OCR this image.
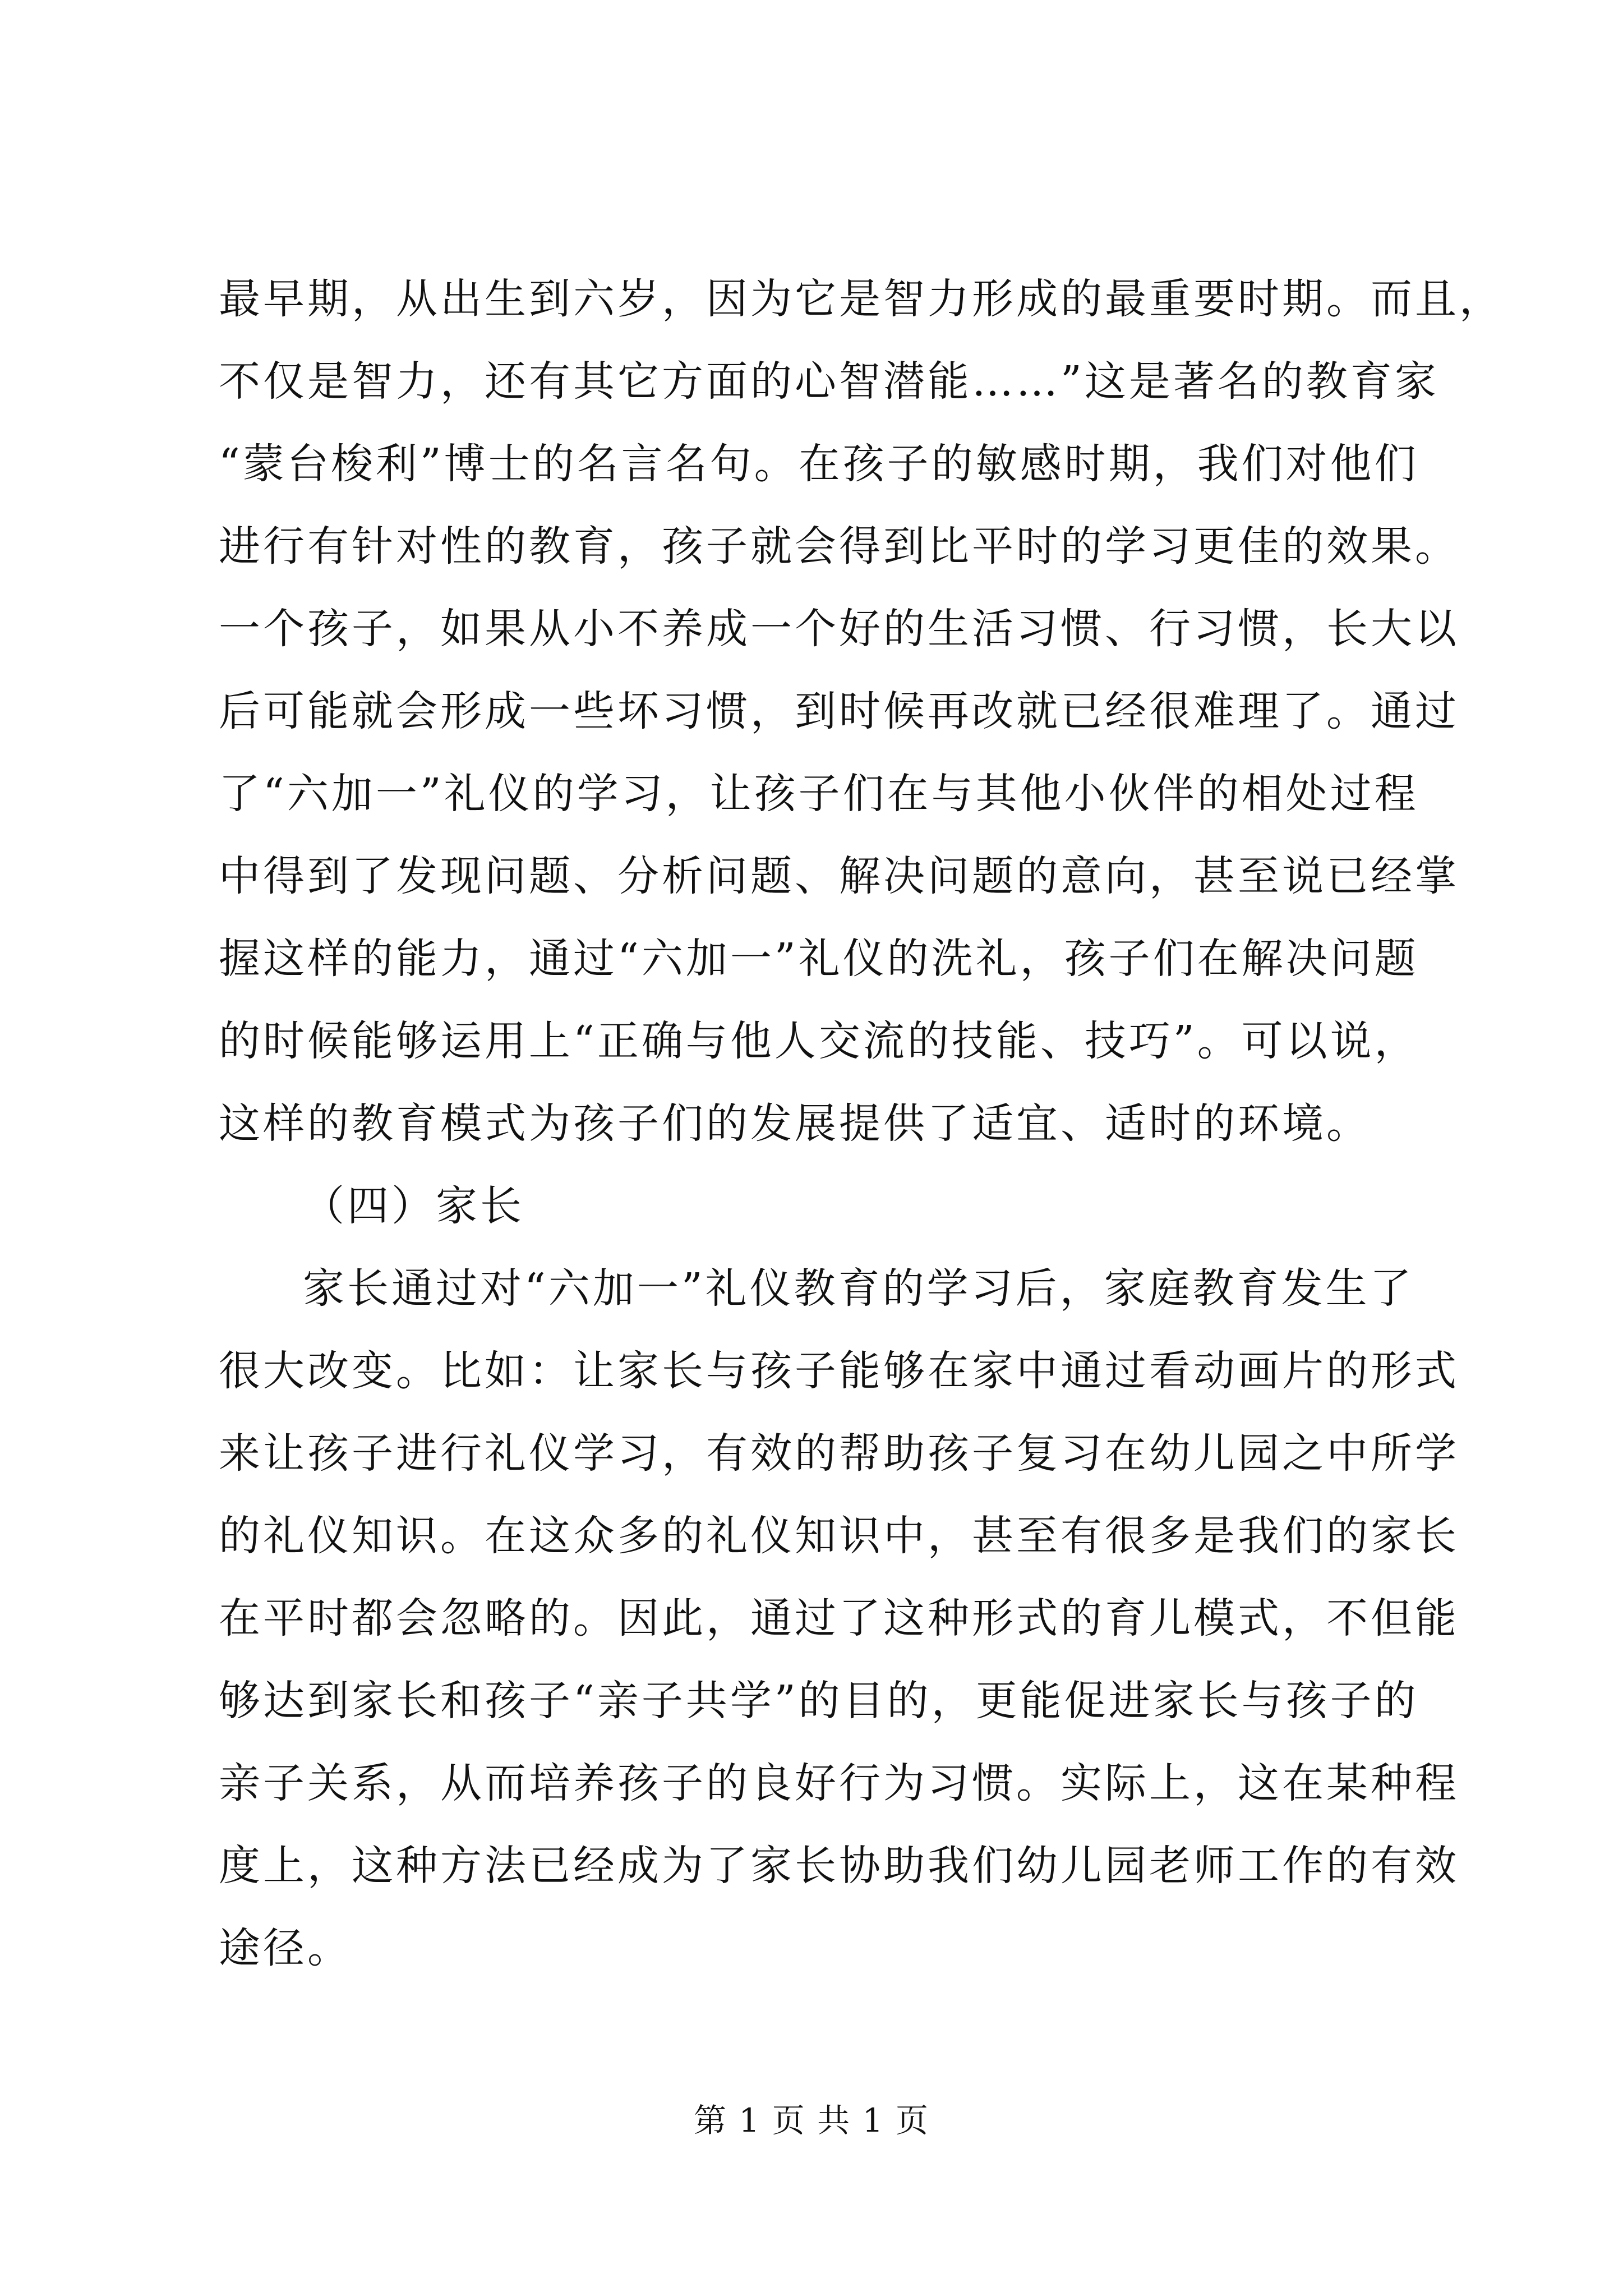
最早期，从出生到六岁，因为它是智力形成的最重要时期。而且，
不仅是智力，还有其它方面的心智潜能……”这是著名的教育家
“蒙台梭利”博士的名言名句。在孩子的敏感时期，我们对他们
进行有针对性的教育，孩子就会得到比平时的学习更佳的效果。
一个孩子，如果从小不养成一个好的生活习惯、行习惯，长大以
后可能就会形成一些坏习惯，到时候再改就已经很难理了。通过
了“六加一”礼仪的学习，让孩子们在与其他小伙伴的相处过程
中得到了发现问题、分析问题、解决问题的意向，甚至说已经掌
握这样的能力，通过“六加一”礼仪的洗礼，孩子们在解决问题
的时候能够运用上“正确与他人交流的技能、技巧”。可以说，
这样的教育模式为孩子们的发展提供了适宜、适时的环境。
（四）家长
家长通过对“六加一”礼仪教育的学习后，家庭教育发生了
很大改变。比如：让家长与孩子能够在家中通过看动画片的形式
来让孩子进行礼仪学习，有效的帮助孩子复习在幼儿园之中所学
的礼仪知识。在这众多的礼仪知识中，甚至有很多是我们的家长
在平时都会忽略的。因此，通过了这种形式的育儿模式，不但能
够达到家长和孩子“亲子共学”的目的，更能促进家长与孩子的
亲子关系，从而培养孩子的良好行为习惯。实际上，这在某种程
度上，这种方法已经成为了家长协助我们幼儿园老师工作的有效
途径。
第 1 页 共 1 页
